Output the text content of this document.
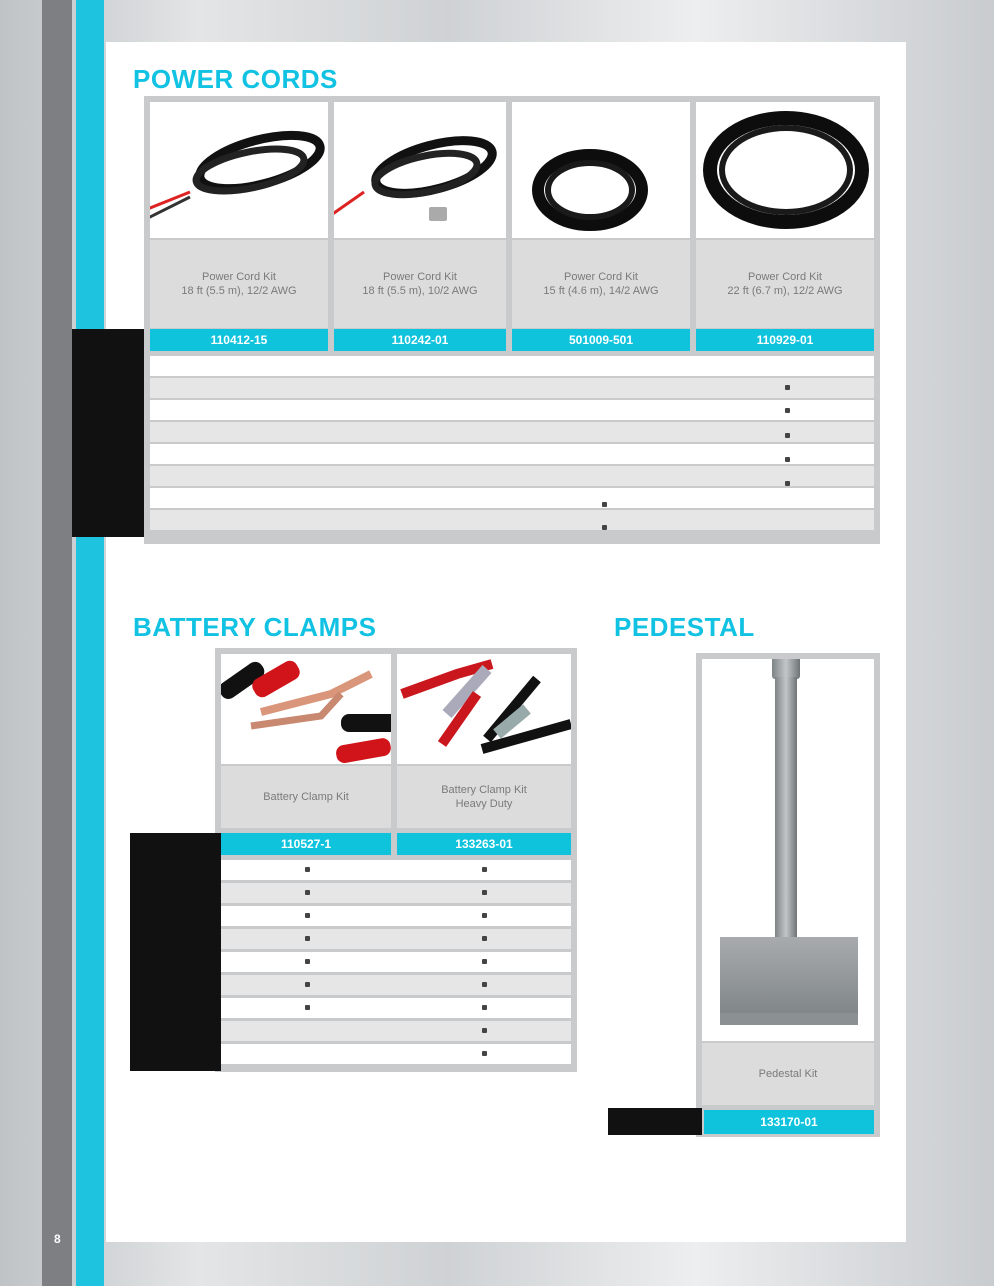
8
POWER CORDS
Power Cord Kit
18 ft (5.5 m), 12/2 AWG
Power Cord Kit
18 ft (5.5 m), 10/2 AWG
Power Cord Kit
15 ft (4.6 m), 14/2 AWG
Power Cord Kit
22 ft (6.7 m), 12/2 AWG
110412-15	110242-01	501009-501	110929-01
BATTERY CLAMPS
Battery Clamp Kit
Battery Clamp Kit
Heavy Duty
110527-1	133263-01
PEDESTAL
Pedestal Kit
133170-01
